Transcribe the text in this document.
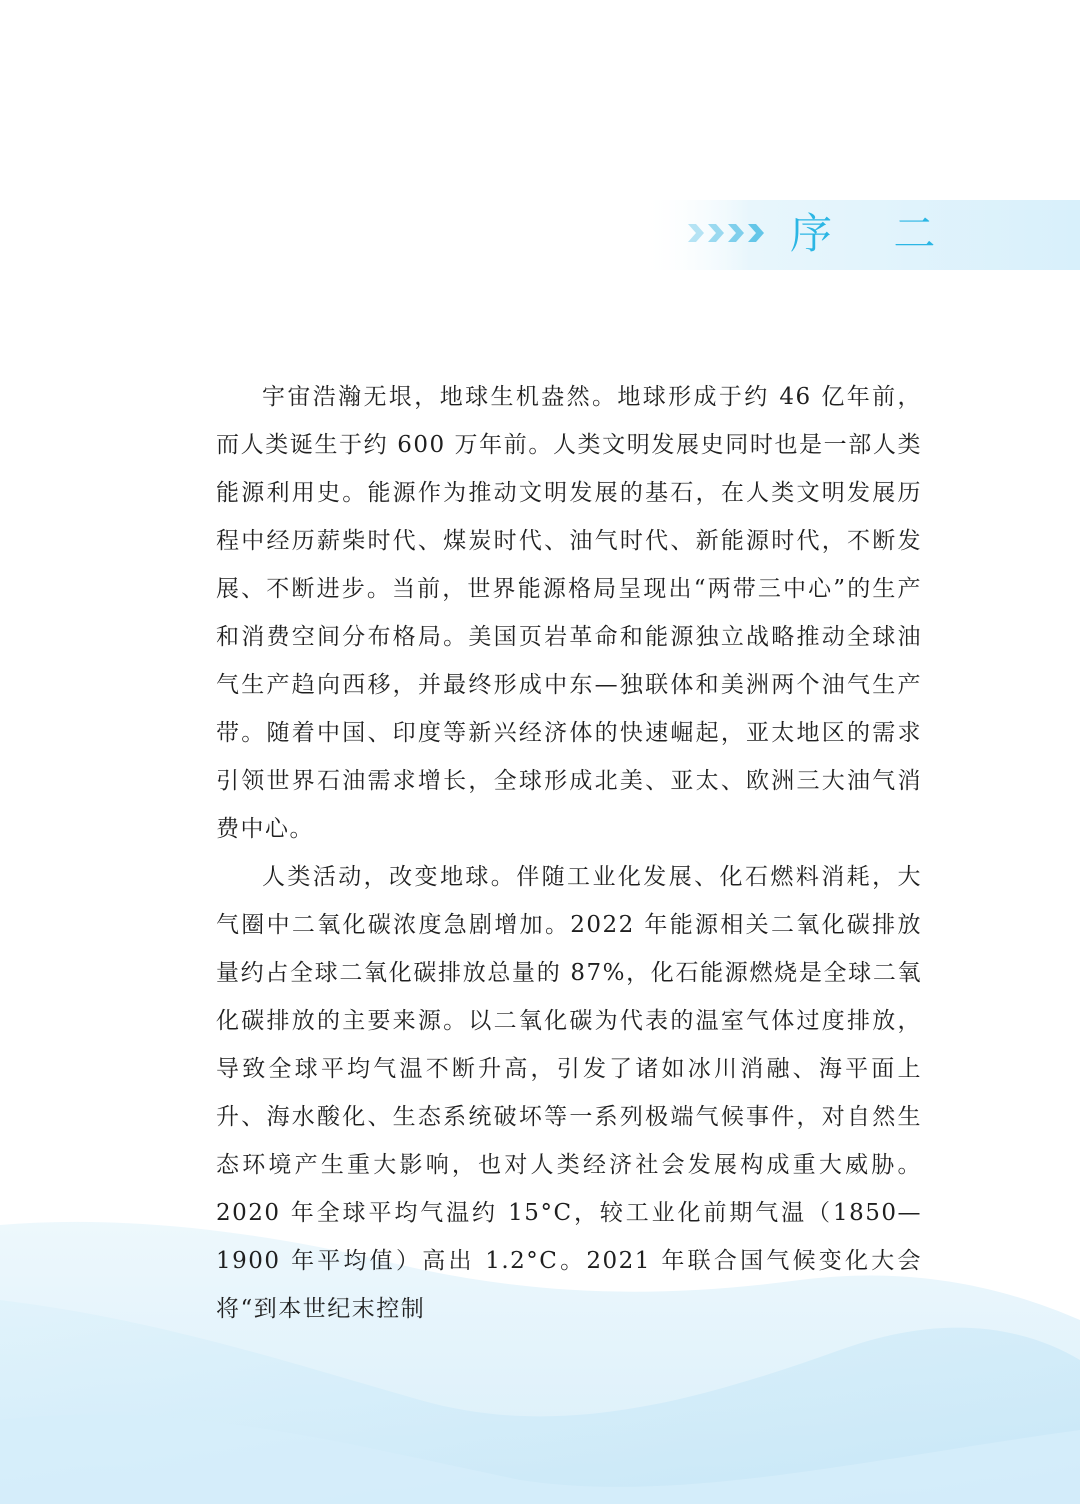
序 二

宇宙浩瀚无垠，地球生机盎然。地球形成于约 46 亿年前，而人类诞生于约 600 万年前。人类文明发展史同时也是一部人类能源利用史。能源作为推动文明发展的基石，在人类文明发展历程中经历薪柴时代、煤炭时代、油气时代、新能源时代，不断发展、不断进步。当前，世界能源格局呈现出“两带三中心”的生产和消费空间分布格局。美国页岩革命和能源独立战略推动全球油气生产趋向西移，并最终形成中东—独联体和美洲两个油气生产带。随着中国、印度等新兴经济体的快速崛起，亚太地区的需求引领世界石油需求增长，全球形成北美、亚太、欧洲三大油气消费中心。

人类活动，改变地球。伴随工业化发展、化石燃料消耗，大气圈中二氧化碳浓度急剧增加。2022 年能源相关二氧化碳排放量约占全球二氧化碳排放总量的 87%，化石能源燃烧是全球二氧化碳排放的主要来源。以二氧化碳为代表的温室气体过度排放，导致全球平均气温不断升高，引发了诸如冰川消融、海平面上升、海水酸化、生态系统破坏等一系列极端气候事件，对自然生态环境产生重大影响，也对人类经济社会发展构成重大威胁。2020 年全球平均气温约 15°C，较工业化前期气温（1850—1900 年平均值）高出 1.2°C。2021 年联合国气候变化大会将“到本世纪末控制
